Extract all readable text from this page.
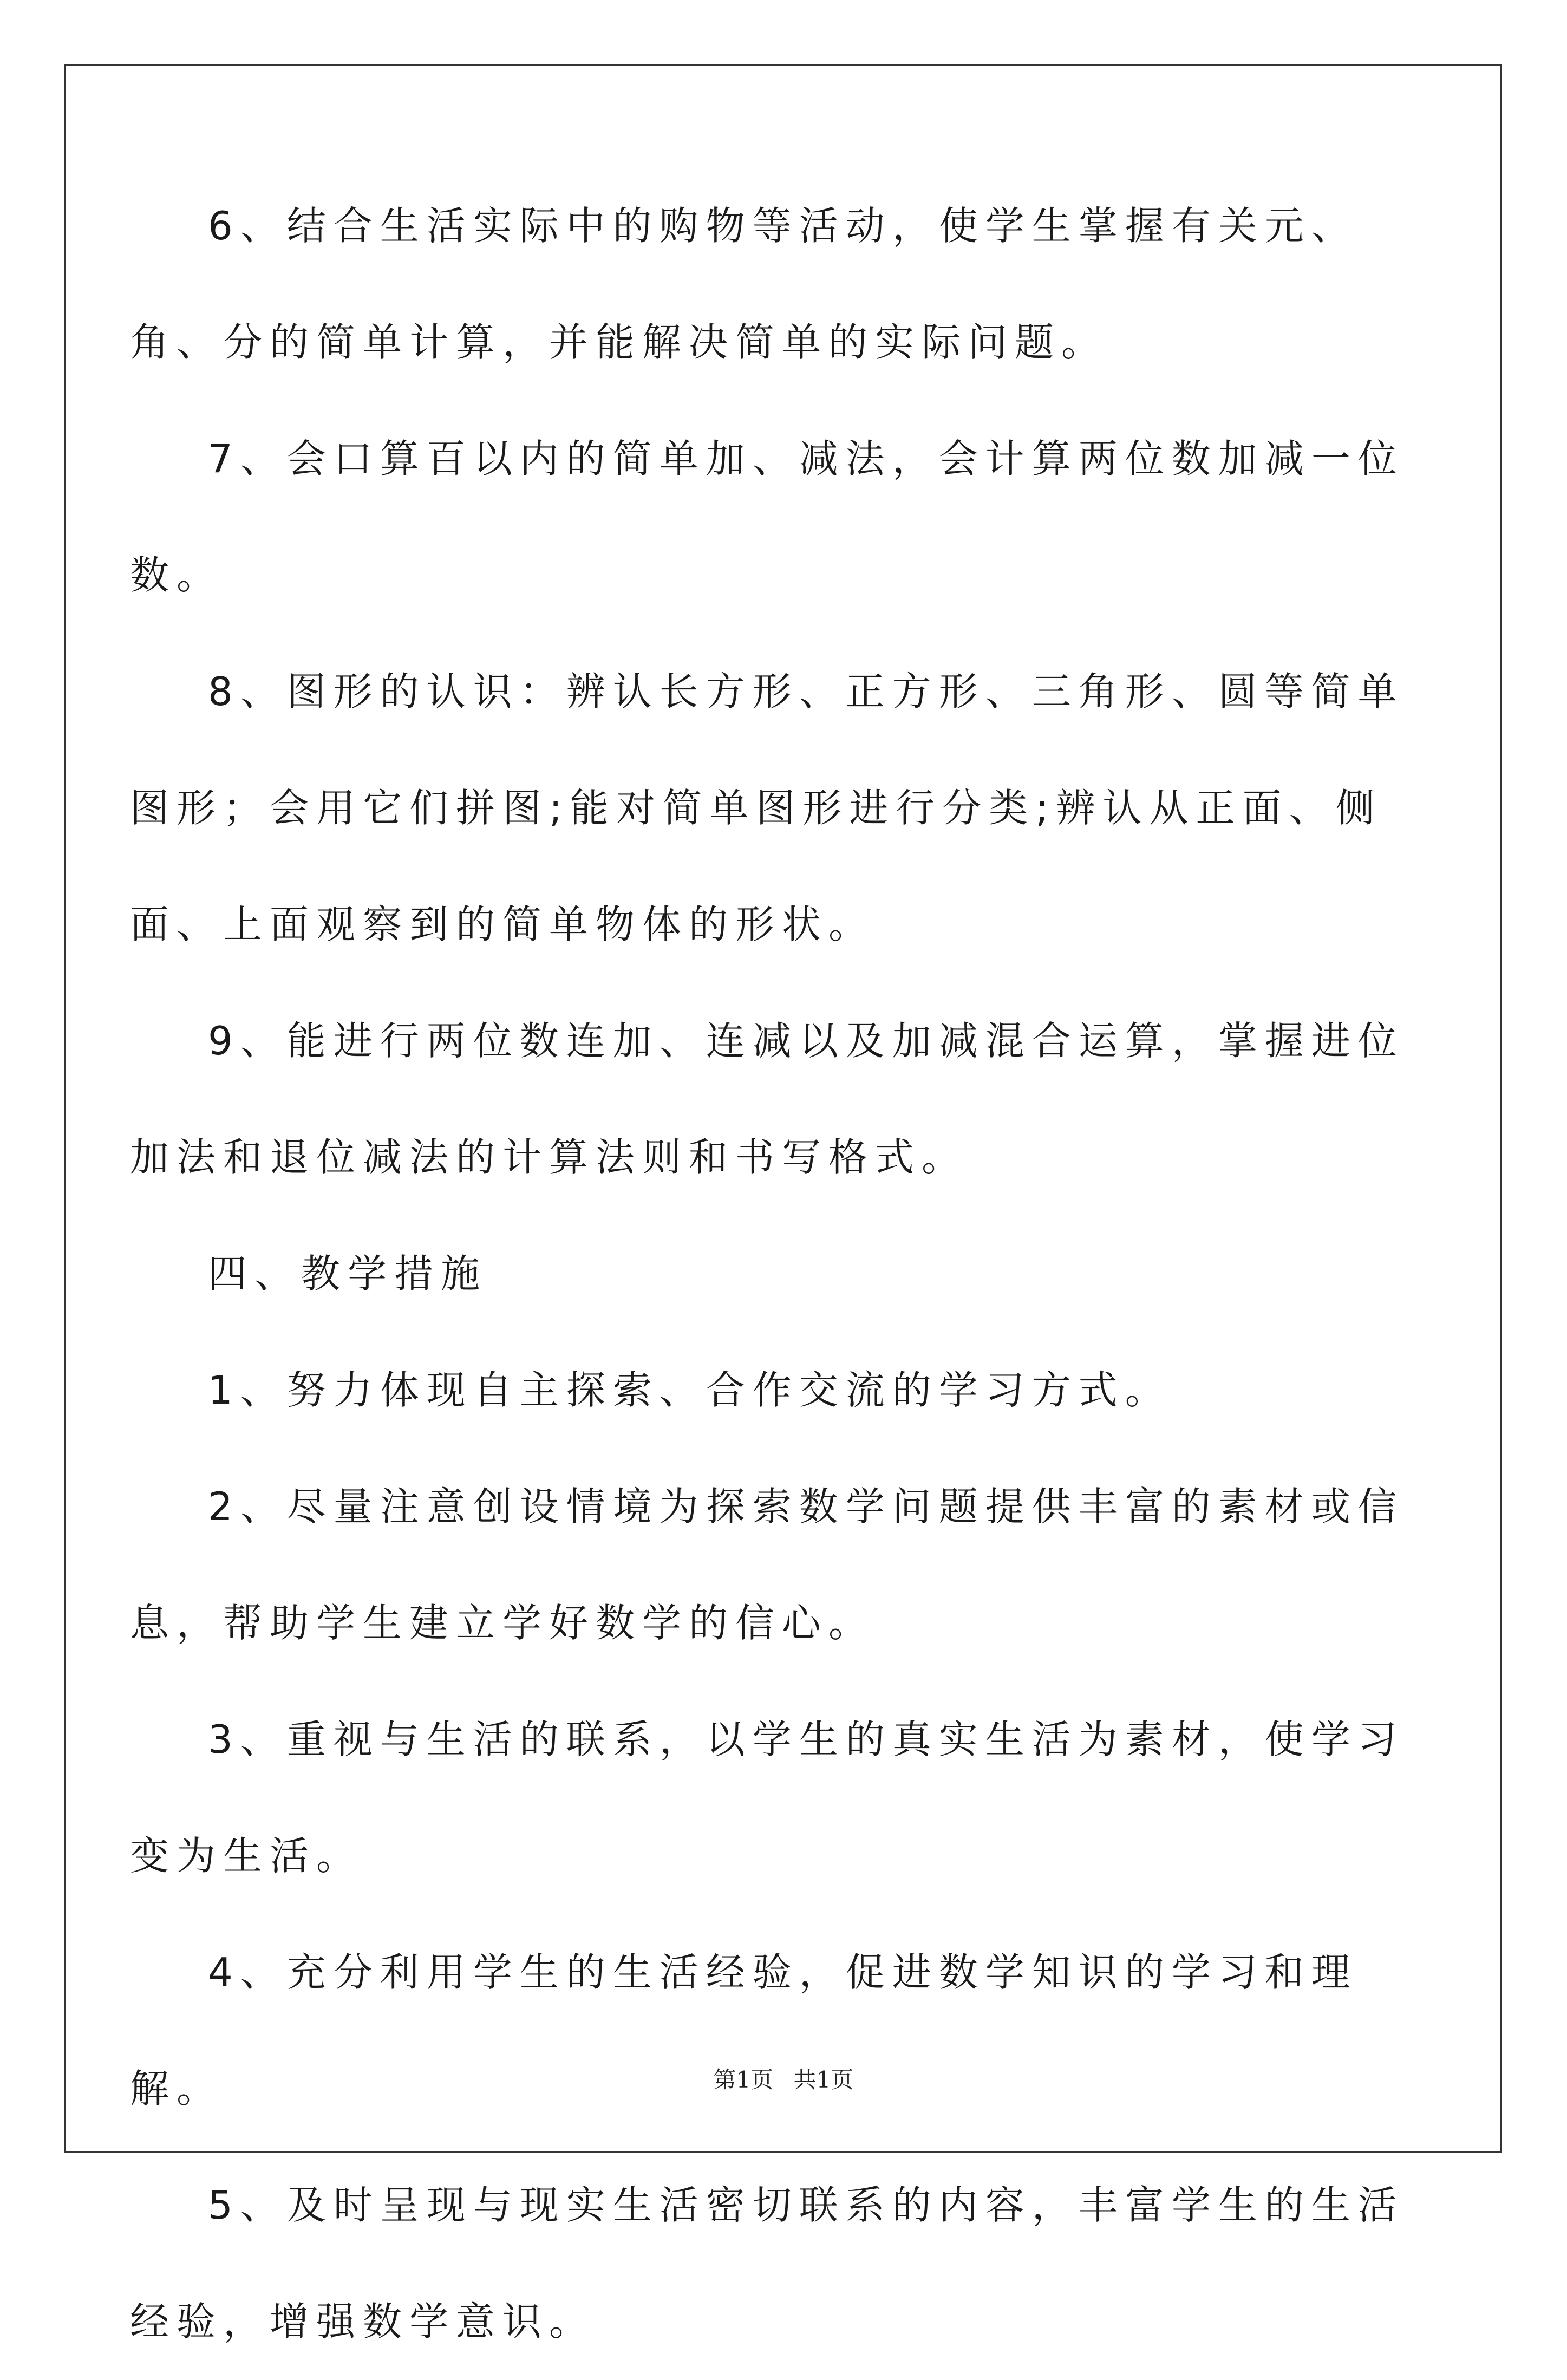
6、结合生活实际中的购物等活动，使学生掌握有关元、角、分的简单计算，并能解决简单的实际问题。

7、会口算百以内的简单加、减法，会计算两位数加减一位数。

8、图形的认识：辨认长方形、正方形、三角形、圆等简单图形；会用它们拼图;能对简单图形进行分类;辨认从正面、侧面、上面观察到的简单物体的形状。

9、能进行两位数连加、连减以及加减混合运算，掌握进位加法和退位减法的计算法则和书写格式。

四、教学措施

1、努力体现自主探索、合作交流的学习方式。

2、尽量注意创设情境为探索数学问题提供丰富的素材或信息，帮助学生建立学好数学的信心。

3、重视与生活的联系，以学生的真实生活为素材，使学习变为生活。

4、充分利用学生的生活经验，促进数学知识的学习和理解。

5、及时呈现与现实生活密切联系的内容，丰富学生的生活经验，增强数学意识。

第1页 共1页
